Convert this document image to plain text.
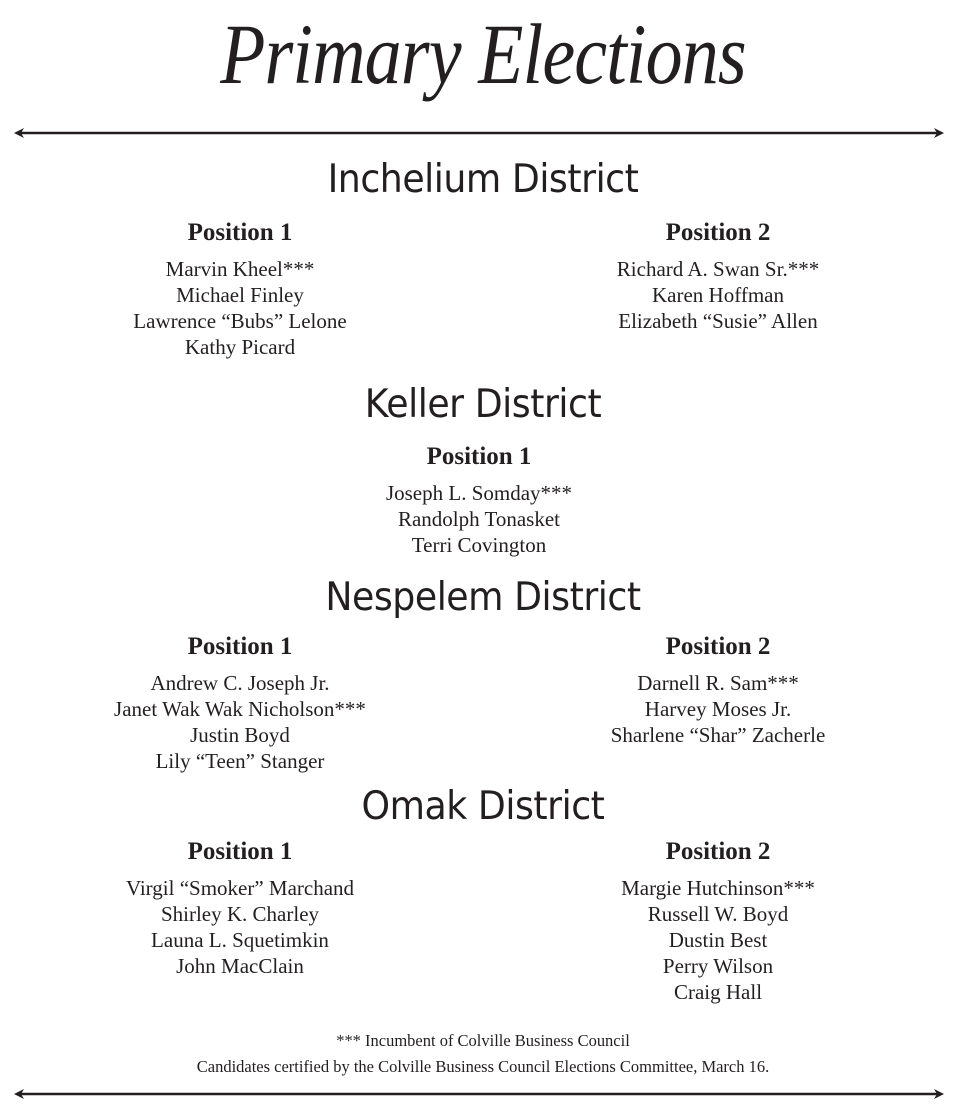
Primary Elections
Inchelium District
Position 1
Marvin Kheel***
Michael Finley
Lawrence “Bubs” Lelone
Kathy Picard
Position 2
Richard A. Swan Sr.***
Karen Hoffman
Elizabeth “Susie” Allen
Keller District
Position 1
Joseph L. Somday***
Randolph Tonasket
Terri Covington
Nespelem District
Position 1
Andrew C. Joseph Jr.
Janet Wak Wak Nicholson***
Justin Boyd
Lily “Teen” Stanger
Position 2
Darnell R. Sam***
Harvey Moses Jr.
Sharlene “Shar” Zacherle
Omak District
Position 1
Virgil “Smoker” Marchand
Shirley K. Charley
Launa L. Squetimkin
John MacClain
Position 2
Margie Hutchinson***
Russell W. Boyd
Dustin Best
Perry Wilson
Craig Hall
*** Incumbent of Colville Business Council
Candidates certified by the Colville Business Council Elections Committee, March 16.
